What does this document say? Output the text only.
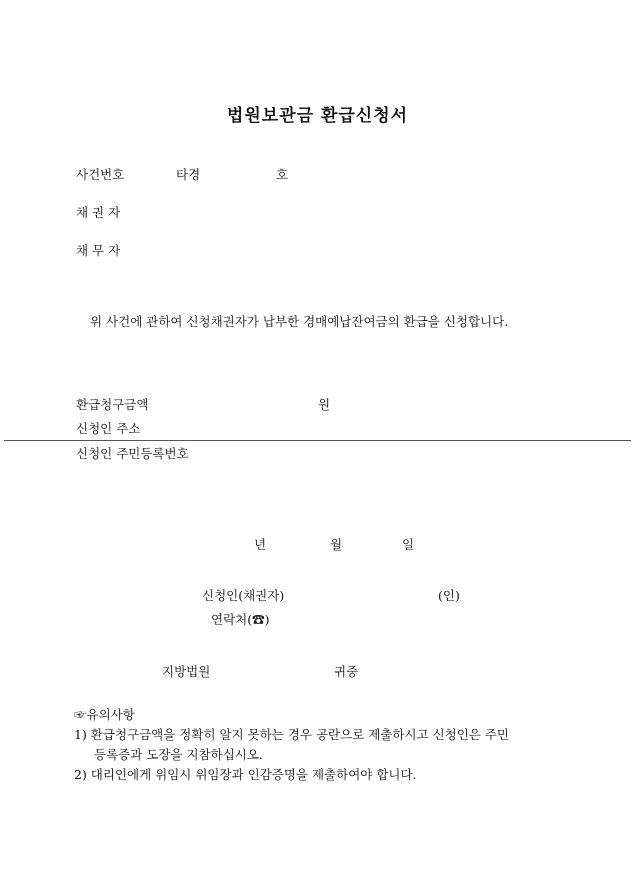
법원보관금 환급신청서
사건번호	타경	호
채 권 자
채 무 자
위 사건에 관하여 신청채권자가 납부한 경매예납잔여금의 환급을 신청합니다.
환급청구금액	원
신청인 주소
신청인 주민등록번호
년	월	일
신청인(채권자)	(인)
연락처(☎)
지방법원	귀중
☞유의사항
1) 환급청구금액을 정확히 알지 못하는 경우 공란으로 제출하시고 신청인은 주민
등록증과 도장을 지참하십시오.
2) 대리인에게 위임시 위임장과 인감증명을 제출하여야 합니다.
